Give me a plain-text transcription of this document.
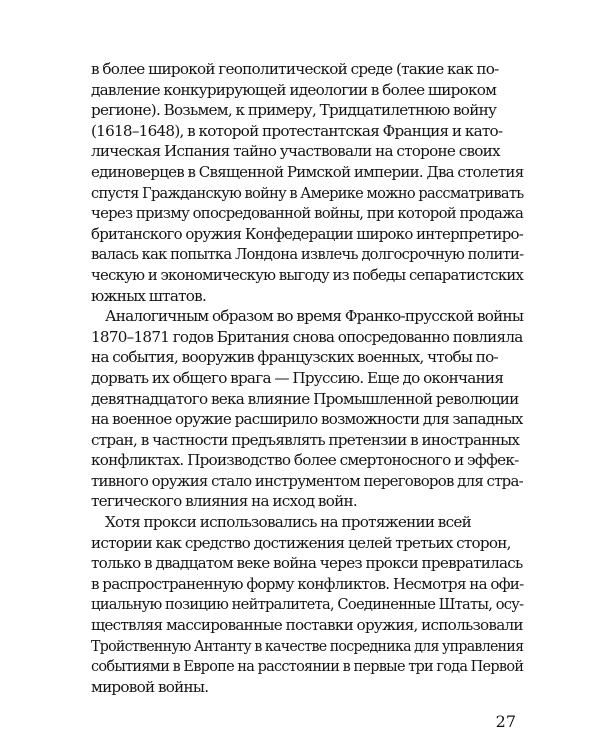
в более широкой геополитической среде (такие как по-
давление конкурирующей идеологии в более широком
регионе). Возьмем, к примеру, Тридцатилетнюю войну
(1618–1648), в которой протестантская Франция и като-
лическая Испания тайно участвовали на стороне своих
единоверцев в Священной Римской империи. Два столетия
спустя Гражданскую войну в Америке можно рассматривать
через призму опосредованной войны, при которой продажа
британского оружия Конфедерации широко интерпретиро-
валась как попытка Лондона извлечь долгосрочную полити-
ческую и экономическую выгоду из победы сепаратистских
южных штатов.

Аналогичным образом во время Франко-прусской войны
1870–1871 годов Британия снова опосредованно повлияла
на события, вооружив французских военных, чтобы по-
дорвать их общего врага — Пруссию. Еще до окончания
девятнадцатого века влияние Промышленной революции
на военное оружие расширило возможности для западных
стран, в частности предъявлять претензии в иностранных
конфликтах. Производство более смертоносного и эффек-
тивного оружия стало инструментом переговоров для стра-
тегического влияния на исход войн.

Хотя прокси использовались на протяжении всей
истории как средство достижения целей третьих сторон,
только в двадцатом веке война через прокси превратилась
в распространенную форму конфликтов. Несмотря на офи-
циальную позицию нейтралитета, Соединенные Штаты, осу-
ществляя массированные поставки оружия, использовали
Тройственную Антанту в качестве посредника для управления
событиями в Европе на расстоянии в первые три года Первой
мировой войны.

27
